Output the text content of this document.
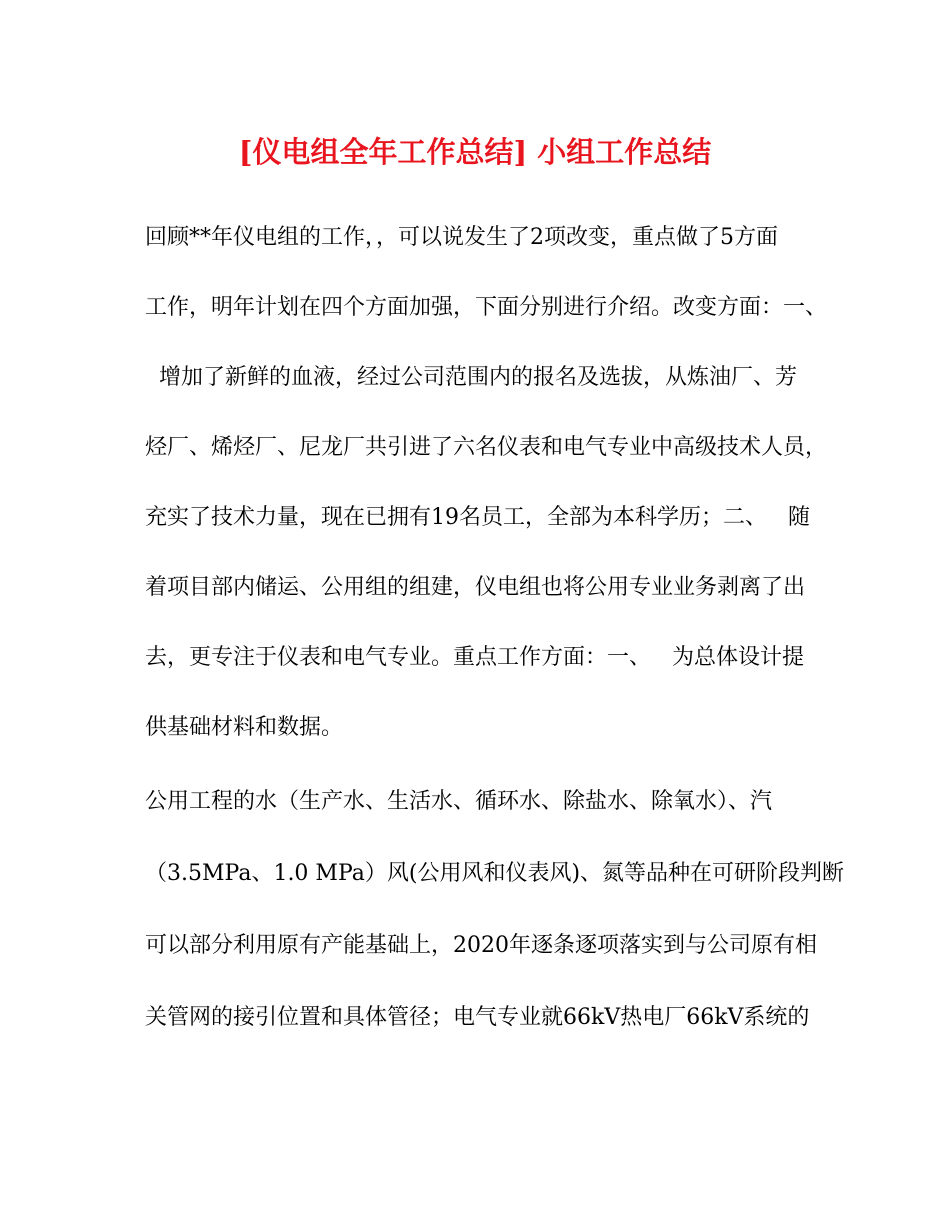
[仪电组全年工作总结] 小组工作总结
回顾**年仪电组的工作，，可以说发生了2项改变，重点做了5方面
工作，明年计划在四个方面加强，下面分别进行介绍。改变方面：一、
增加了新鲜的血液，经过公司范围内的报名及选拔，从炼油厂、芳
烃厂、烯烃厂、尼龙厂共引进了六名仪表和电气专业中高级技术人员，
充实了技术力量，现在已拥有19名员工，全部为本科学历；二、   随
着项目部内储运、公用组的组建，仪电组也将公用专业业务剥离了出
去，更专注于仪表和电气专业。重点工作方面：一、   为总体设计提
供基础材料和数据。
公用工程的水（生产水、生活水、循环水、除盐水、除氧水）、汽
（3.5MPa、1.0 MPa）风(公用风和仪表风)、氮等品种在可研阶段判断
可以部分利用原有产能基础上，2020年逐条逐项落实到与公司原有相
关管网的接引位置和具体管径；电气专业就66kV热电厂66kV系统的
